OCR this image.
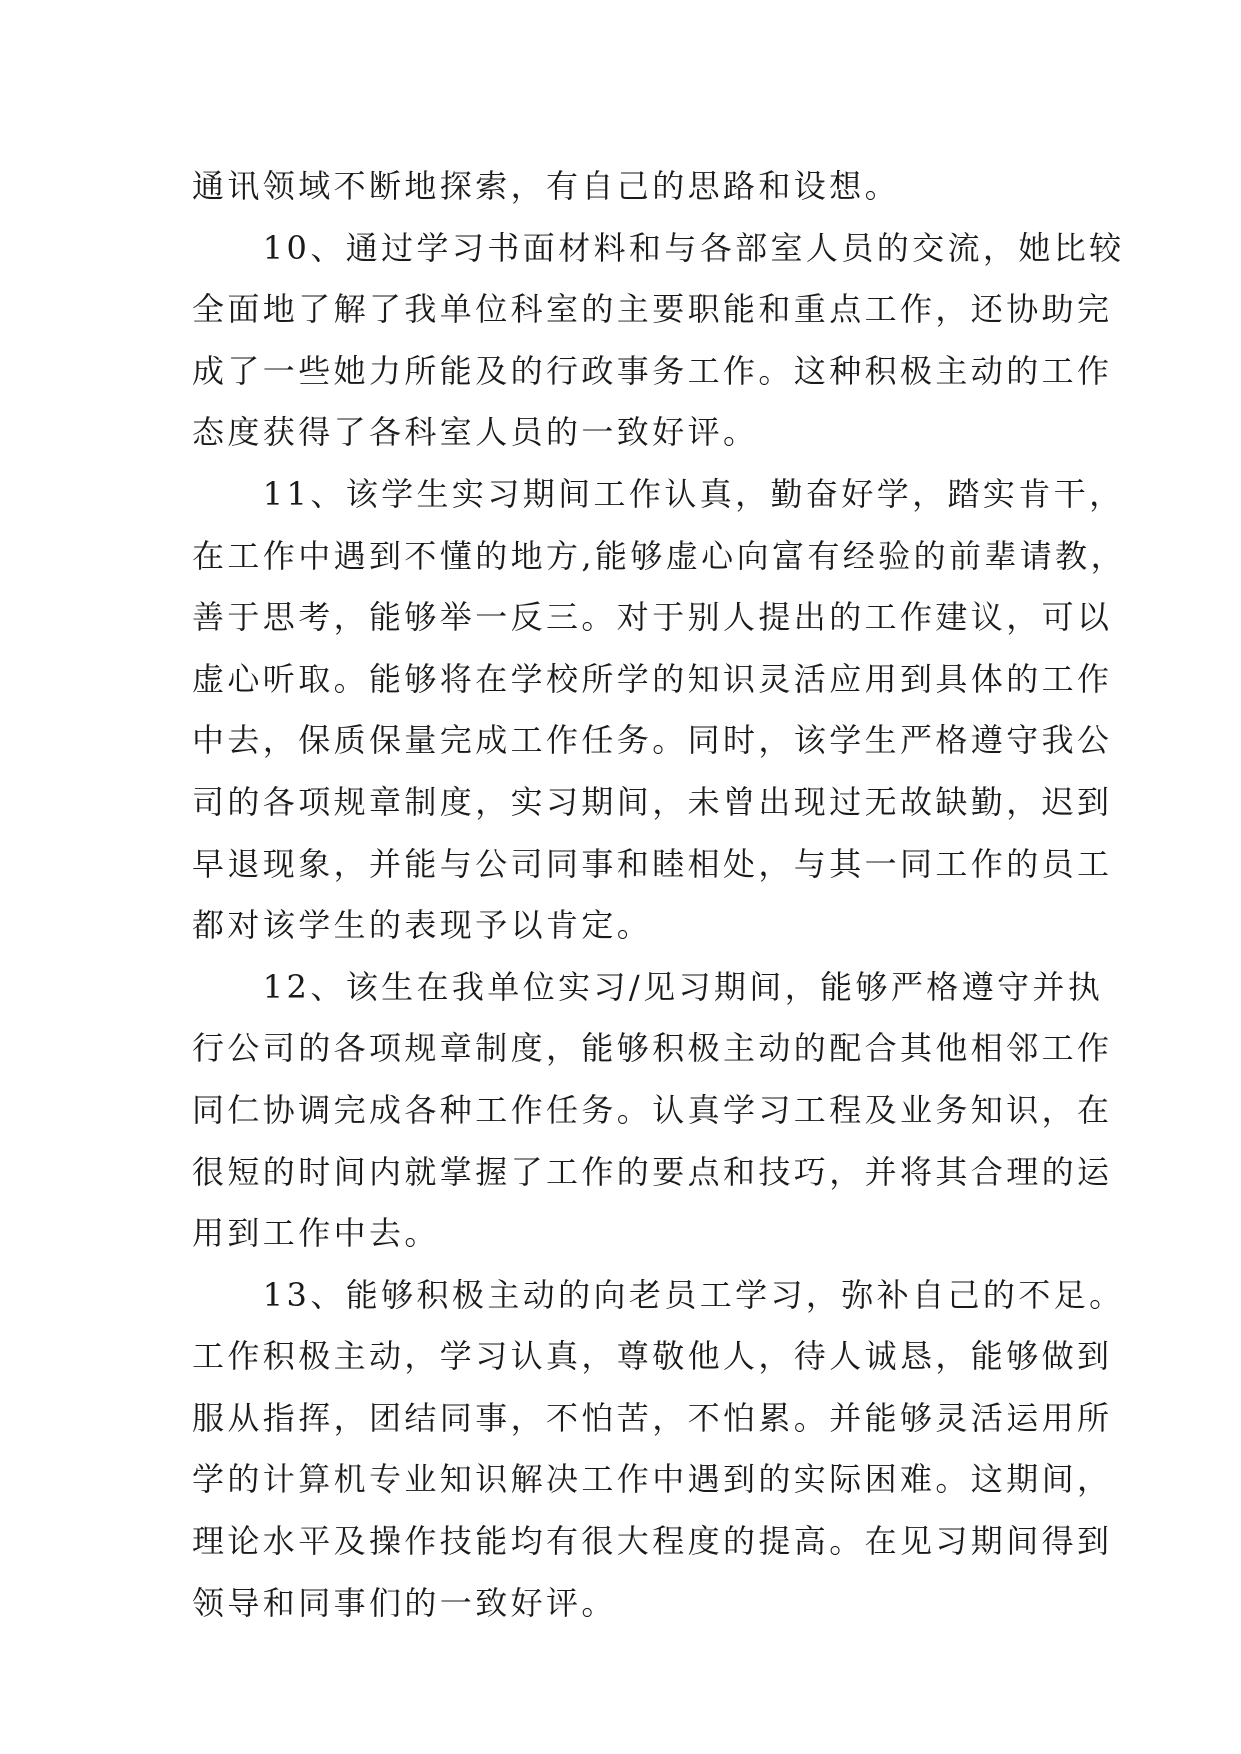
通讯领域不断地探索，有自己的思路和设想。
　　10、通过学习书面材料和与各部室人员的交流，她比较
全面地了解了我单位科室的主要职能和重点工作，还协助完
成了一些她力所能及的行政事务工作。这种积极主动的工作
态度获得了各科室人员的一致好评。
　　11、该学生实习期间工作认真，勤奋好学，踏实肯干，
在工作中遇到不懂的地方,能够虚心向富有经验的前辈请教，
善于思考，能够举一反三。对于别人提出的工作建议，可以
虚心听取。能够将在学校所学的知识灵活应用到具体的工作
中去，保质保量完成工作任务。同时，该学生严格遵守我公
司的各项规章制度，实习期间，未曾出现过无故缺勤，迟到
早退现象，并能与公司同事和睦相处，与其一同工作的员工
都对该学生的表现予以肯定。
　　12、该生在我单位实习/见习期间，能够严格遵守并执
行公司的各项规章制度，能够积极主动的配合其他相邻工作
同仁协调完成各种工作任务。认真学习工程及业务知识，在
很短的时间内就掌握了工作的要点和技巧，并将其合理的运
用到工作中去。
　　13、能够积极主动的向老员工学习，弥补自己的不足。
工作积极主动，学习认真，尊敬他人，待人诚恳，能够做到
服从指挥，团结同事，不怕苦，不怕累。并能够灵活运用所
学的计算机专业知识解决工作中遇到的实际困难。这期间，
理论水平及操作技能均有很大程度的提高。在见习期间得到
领导和同事们的一致好评。
